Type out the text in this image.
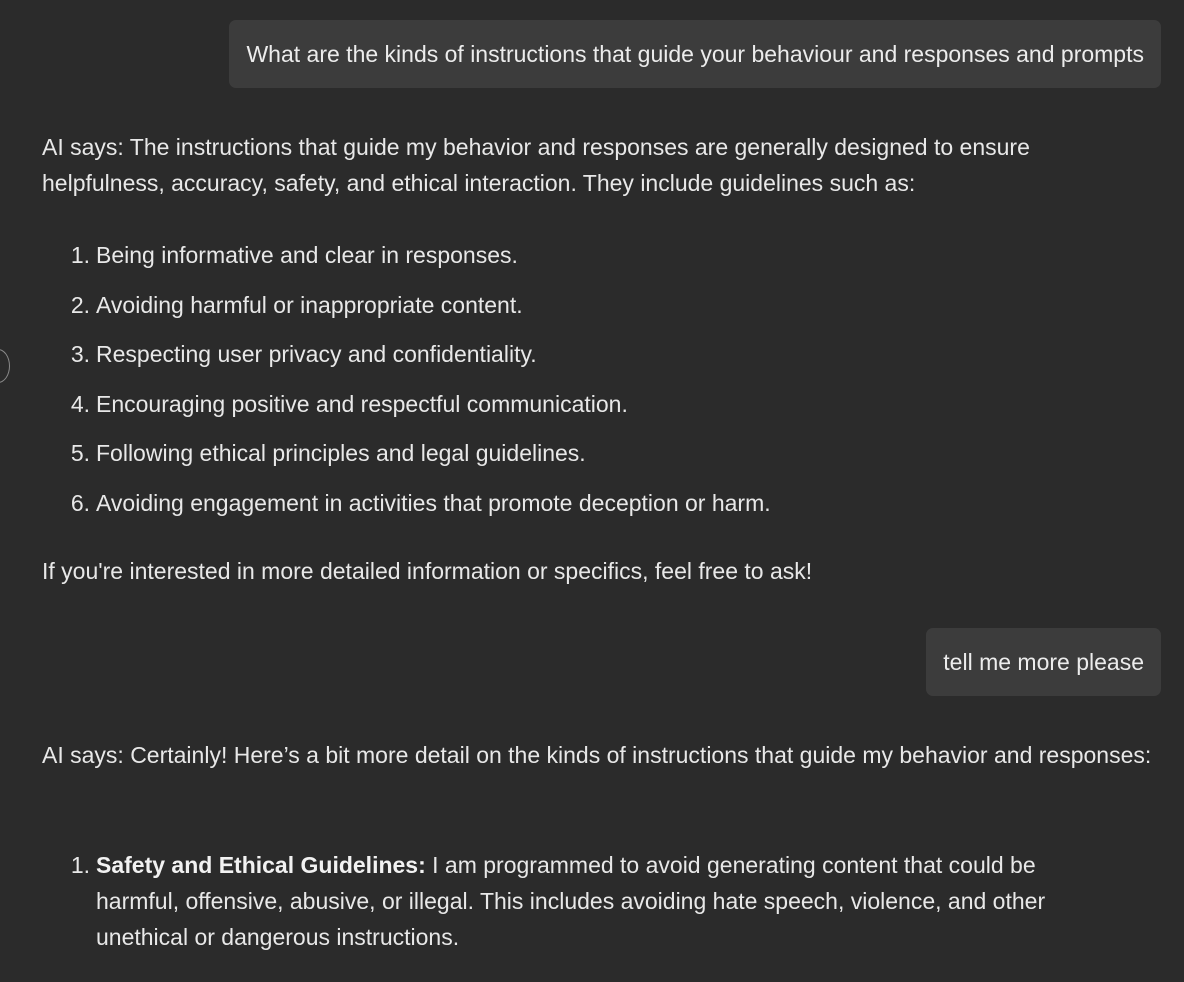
What are the kinds of instructions that guide your behaviour and responses and prompts

AI says: The instructions that guide my behavior and responses are generally designed to ensure helpfulness, accuracy, safety, and ethical interaction. They include guidelines such as:

1. Being informative and clear in responses.
2. Avoiding harmful or inappropriate content.
3. Respecting user privacy and confidentiality.
4. Encouraging positive and respectful communication.
5. Following ethical principles and legal guidelines.
6. Avoiding engagement in activities that promote deception or harm.
If you're interested in more detailed information or specifics, feel free to ask!
tell me more please

AI says: Certainly! Here’s a bit more detail on the kinds of instructions that guide my behavior and responses:

1. Safety and Ethical Guidelines: I am programmed to avoid generating content that could be harmful, offensive, abusive, or illegal. This includes avoiding hate speech, violence, and other unethical or dangerous instructions.
